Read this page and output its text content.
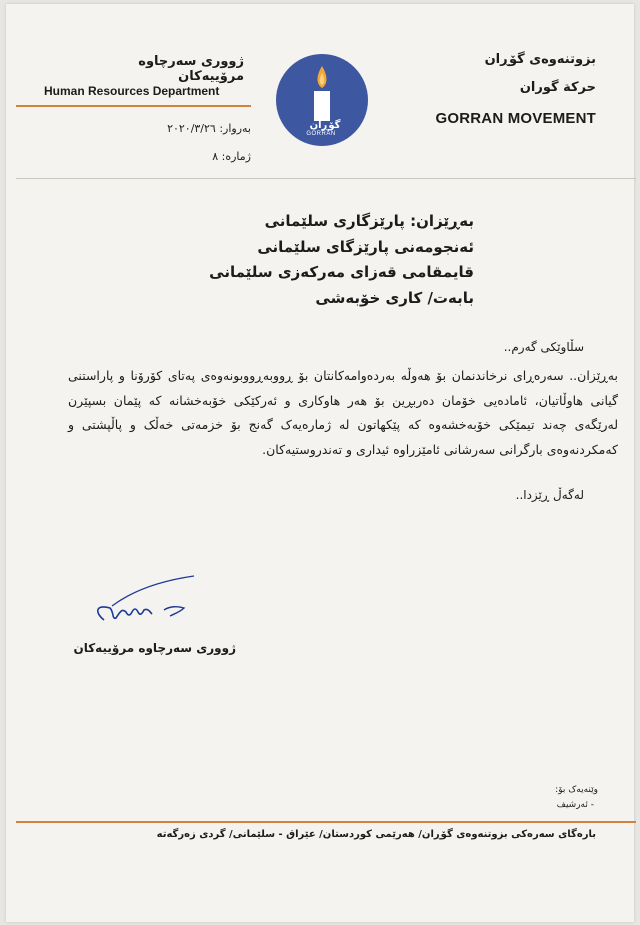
بزوتنەوەی گۆڕان
حركة گوران
GORRAN MOVEMENT
ژووری سەرچاوە مرۆییەکان
Human Resources Department
بەروار: ٢٠٢٠/٣/٢٦
ژمارە: ٨
گۆڕان
GORRAN
بەڕێزان: پارێزگاری سلێمانی
ئەنجومەنی پارێزگای سلێمانی
قایمقامی قەزای مەرکەزی سلێمانی
بابەت/ کاری خۆبەشی
سڵاوێکی گەرم..
بەڕێزان.. سەرەڕای نرخاندنمان بۆ هەوڵە بەردەوامەکانتان بۆ ڕووبەڕووبونەوەی پەتای کۆرۆنا و پاراستنی گیانی هاوڵاتیان، ئامادەیی خۆمان دەربڕین بۆ هەر هاوکاری و ئەرکێکی خۆبەخشانە کە پێمان بسپێرن لەرێگەی چەند تیمێکی خۆبەخشەوە کە پێکهاتون لە ژمارەیەک گەنج بۆ خزمەتی خەڵک و پاڵپشتی و کەمکردنەوەی بارگرانی سەرشانی ئامێزراوە ئیداری و تەندروستیەکان.
لەگەڵ ڕێزدا..
ژووری سەرچاوە مرۆییەکان
وێنەیەک بۆ:
- ئەرشیف
بارەگای سەرەکی بزوتنەوەی گۆڕان/ هەرێمی کوردستان/ عێراق - سلێمانی/ گردی زەرگەتە
